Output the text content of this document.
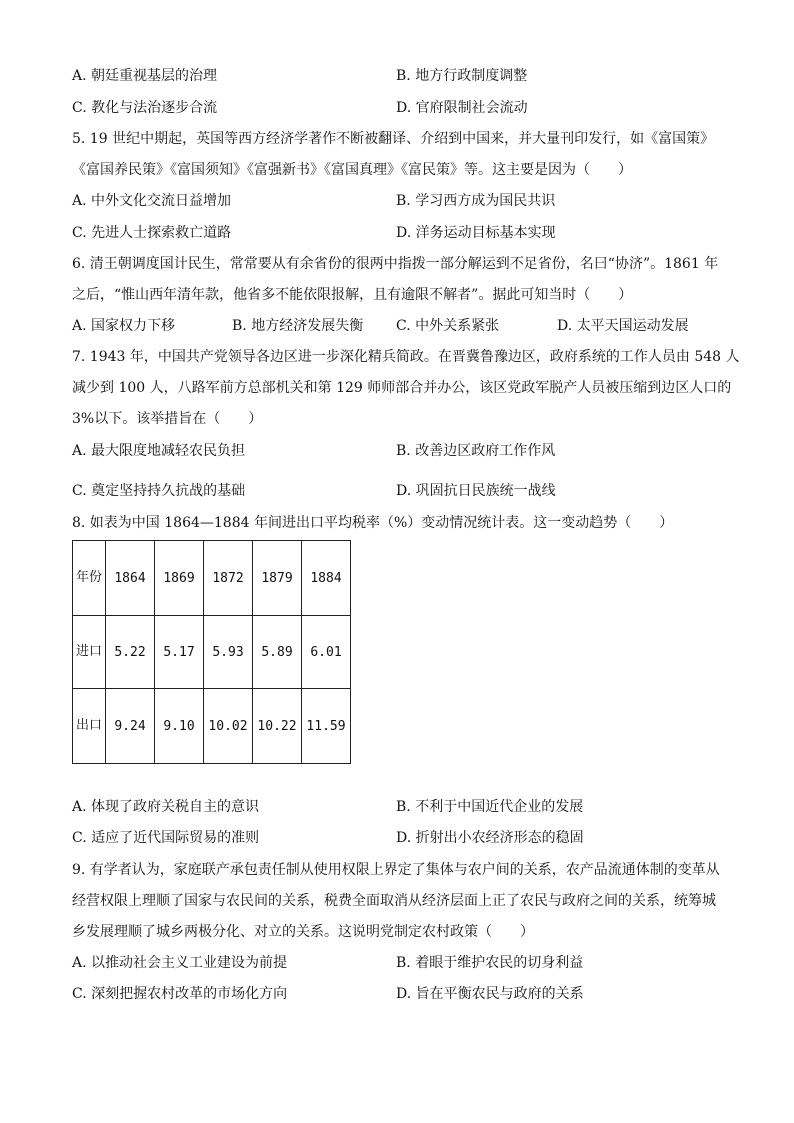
A. 朝廷重视基层的治理	B. 地方行政制度调整
C. 教化与法治逐步合流	D. 官府限制社会流动
5. 19 世纪中期起，英国等西方经济学著作不断被翻译、介绍到中国来，并大量刊印发行，如《富国策》
《富国养民策》《富国须知》《富强新书》《富国真理》《富民策》等。这主要是因为（　　）
A. 中外文化交流日益增加	B. 学习西方成为国民共识
C. 先进人士探索救亡道路	D. 洋务运动目标基本实现
6. 清王朝调度国计民生，常常要从有余省份的很两中指拨一部分解运到不足省份，名曰“协济”。1861 年
之后，“惟山西年清年款，他省多不能依限报解，且有逾限不解者”。据此可知当时（　　）
A. 国家权力下移	B. 地方经济发展失衡 C. 中外关系紧张	D. 太平天国运动发展
7. 1943 年，中国共产党领导各边区进一步深化精兵简政。在晋冀鲁豫边区，政府系统的工作人员由 548 人
减少到 100 人，八路军前方总部机关和第 129 师师部合并办公，该区党政军脱产人员被压缩到边区人口的
3%以下。该举措旨在（　　）
A. 最大限度地减轻农民负担	B. 改善边区政府工作作风
C. 奠定坚持持久抗战的基础	D. 巩固抗日民族统一战线
8. 如表为中国 1864—1884 年间进出口平均税率（%）变动情况统计表。这一变动趋势（　　）
年份	1864	1869	1872	1879	1884
进口	5.22	5.17	5.93	5.89	6.01
出口	9.24	9.10	10.02	10.22	11.59
A. 体现了政府关税自主的意识	B. 不利于中国近代企业的发展
C. 适应了近代国际贸易的准则	D. 折射出小农经济形态的稳固
9. 有学者认为，家庭联产承包责任制从使用权限上界定了集体与农户间的关系，农产品流通体制的变革从
经营权限上理顺了国家与农民间的关系，税费全面取消从经济层面上正了农民与政府之间的关系，统筹城
乡发展理顺了城乡两极分化、对立的关系。这说明党制定农村政策（　　）
A. 以推动社会主义工业建设为前提	B. 着眼于维护农民的切身利益
C. 深刻把握农村改革的市场化方向	D. 旨在平衡农民与政府的关系
